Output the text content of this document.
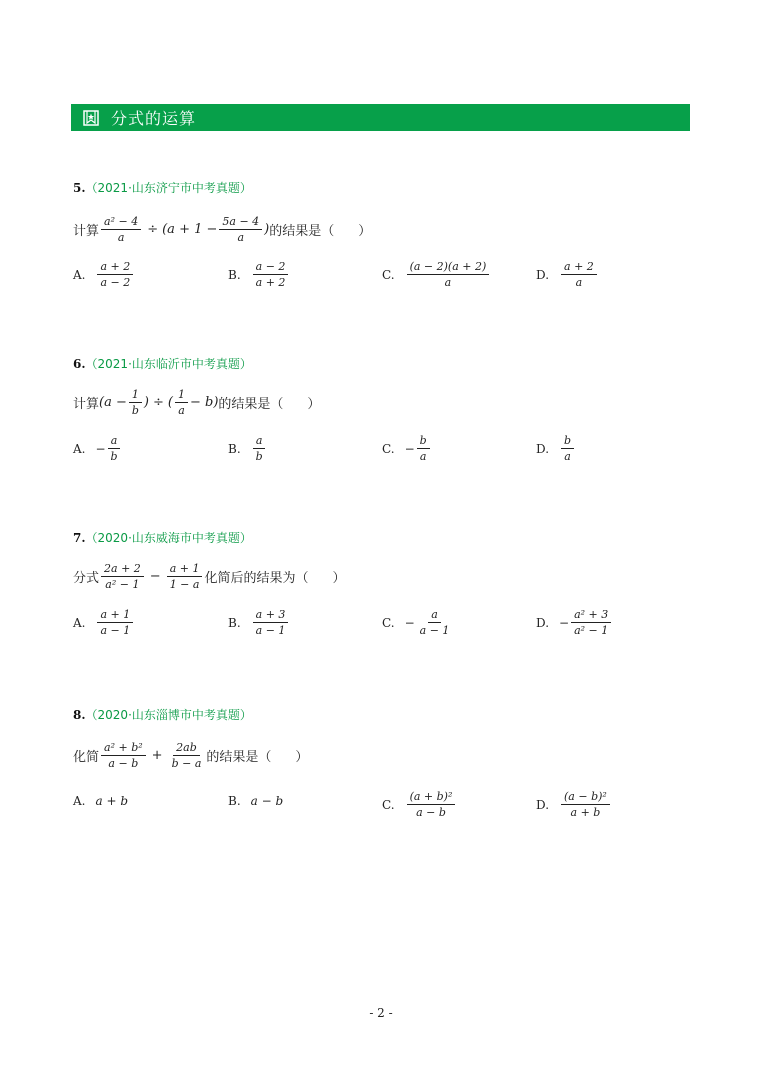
分式的运算
5.（2021·山东济宁市中考真题）
计算 $\frac{\text{a² − 4}}{a} \div (a + 1 - \frac{5a - 4}{a}$ ) 的结果是（ ）
A. $\frac{a + 2}{a - 2}$	B. $\frac{a - 2}{a + 2}$	C. $\frac{(a - 2)(a + 2)}{a}$	D. $\frac{a + 2}{a}$
6.（2021·山东临沂市中考真题）
计算 ($a - \frac{1}{b}$ ) ÷ ( $\frac{1}{a} - b$) 的结果是（ ）
A. − $\frac{a}{b}$	B. $\frac{a}{b}$	C. − $\frac{b}{a}$	D. $\frac{b}{a}$
7.（2020·山东威海市中考真题）
分式 $\frac{2a + 2}{\text{a² − 1}} - \frac{a + 1}{1 - a}$ 化简后的结果为（ ）
A. $\frac{a + 1}{a - 1}$	B. $\frac{a + 3}{a - 1}$	C. − $\frac{a}{a - 1}$	D. − $\frac{\text{a² + 3}}{\text{a² − 1}}$
8.（2020·山东淄博市中考真题）
化简 $\frac{\text{a² + b²}}{a - b} + \frac{2ab}{b - a}$ 的结果是（ ）
A. a + b	B. a − b	C. $\frac{\text{(a + b)²}}{a - b}$	D. $\frac{\text{(a − b)²}}{a + b}$
- 2 -
